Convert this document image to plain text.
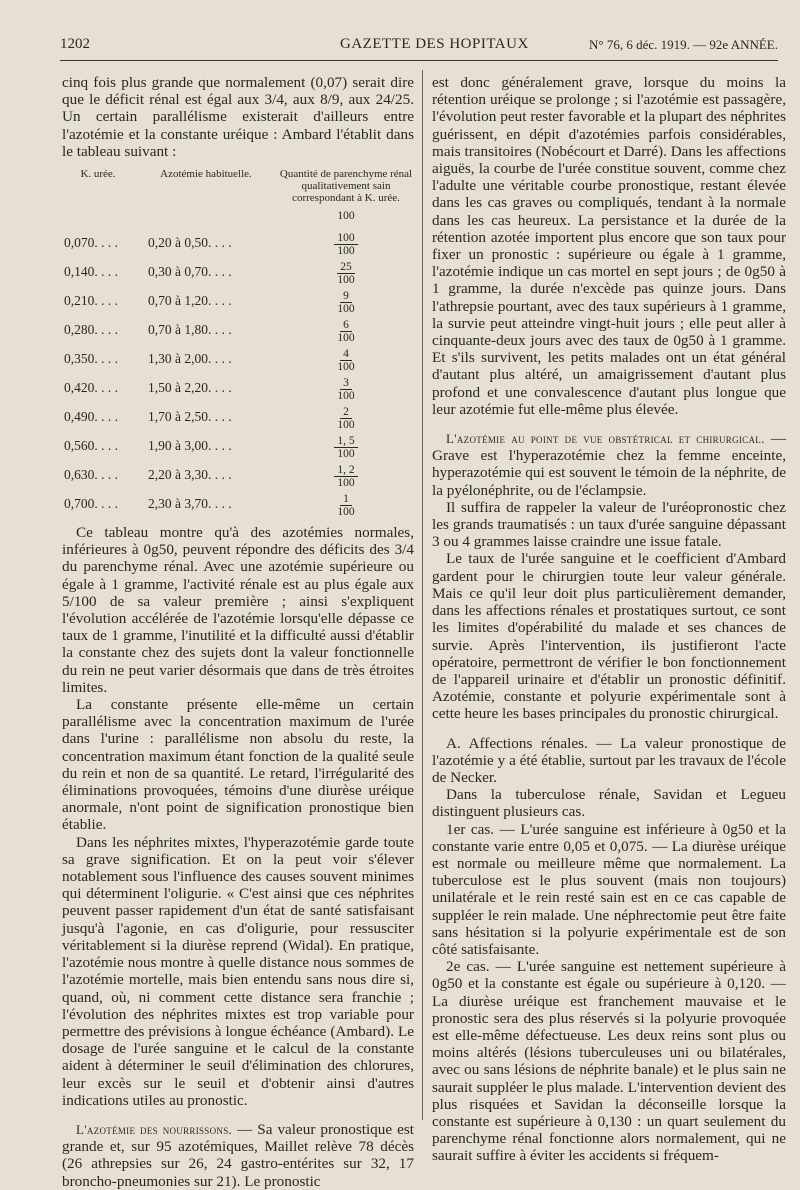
1202	GAZETTE DES HOPITAUX	N° 76, 6 déc. 1919. — 92e ANNÉE.

cinq fois plus grande que normalement (0,07) serait dire que le déficit rénal est égal aux 3/4, aux 8/9, aux 24/25. Un certain parallélisme existerait d'ailleurs entre l'azotémie et la constante uréique : Ambard l'établit dans le tableau suivant :

K. urée.	Azotémie habituelle.	Quantité de parenchyme rénal qualitativement sain correspondant à K. urée.
100

0,070. . . .	0,20 à 0,50. . . .	$\frac{100}{100}$

0,140. . . .	0,30 à 0,70. . . .	$\frac{25}{100}$

0,210. . . .	0,70 à 1,20. . . .	$\frac{9}{100}$

0,280. . . .	0,70 à 1,80. . . .	$\frac{6}{100}$

0,350. . . .	1,30 à 2,00. . . .	$\frac{4}{100}$

0,420. . . .	1,50 à 2,20. . . .	$\frac{3}{100}$

0,490. . . .	1,70 à 2,50. . . .	$\frac{2}{100}$

0,560. . . .	1,90 à 3,00. . . .	$\frac{1, 5}{100}$

0,630. . . .	2,20 à 3,30. . . .	$\frac{1, 2}{100}$

0,700. . . .	2,30 à 3,70. . . .	$\frac{1}{100}$

Ce tableau montre qu'à des azotémies normales, inférieures à 0g50, peuvent répondre des déficits des 3/4 du parenchyme rénal. Avec une azotémie supérieure ou égale à 1 gramme, l'activité rénale est au plus égale aux 5/100 de sa valeur première ; ainsi s'expliquent l'évolution accélérée de l'azotémie lorsqu'elle dépasse ce taux de 1 gramme, l'inutilité et la difficulté aussi d'établir la constante chez des sujets dont la valeur fonctionnelle du rein ne peut varier désormais que dans de très étroites limites.

La constante présente elle-même un certain parallélisme avec la concentration maximum de l'urée dans l'urine : parallélisme non absolu du reste, la concentration maximum étant fonction de la qualité seule du rein et non de sa quantité. Le retard, l'irrégularité des éliminations provoquées, témoins d'une diurèse uréique anormale, n'ont point de signification pronostique bien établie.

Dans les néphrites mixtes, l'hyperazotémie garde toute sa grave signification. Et on la peut voir s'élever notablement sous l'influence des causes souvent minimes qui déterminent l'oligurie. « C'est ainsi que ces néphrites peuvent passer rapidement d'un état de santé satisfaisant jusqu'à l'agonie, en cas d'oligurie, pour ressusciter véritablement si la diurèse reprend (Widal). En pratique, l'azotémie nous montre à quelle distance nous sommes de l'azotémie mortelle, mais bien entendu sans nous dire si, quand, où, ni comment cette distance sera franchie ; l'évolution des néphrites mixtes est trop variable pour permettre des prévisions à longue échéance (Ambard). Le dosage de l'urée sanguine et le calcul de la constante aident à déterminer le seuil d'élimination des chlorures, leur excès sur le seuil et d'obtenir ainsi d'autres indications utiles au pronostic.

L'azotémie des nourrissons. — Sa valeur pronostique est grande et, sur 95 azotémiques, Maillet relève 78 décès (26 athrepsies sur 26, 24 gastro-entérites sur 32, 17 broncho-pneumonies sur 21). Le pronostic

est donc généralement grave, lorsque du moins la rétention uréique se prolonge ; si l'azotémie est passagère, l'évolution peut rester favorable et la plupart des néphrites guérissent, en dépit d'azotémies parfois considérables, mais transitoires (Nobécourt et Darré). Dans les affections aiguës, la courbe de l'urée constitue souvent, comme chez l'adulte une véritable courbe pronostique, restant élevée dans les cas graves ou compliqués, tendant à la normale dans les cas heureux. La persistance et la durée de la rétention azotée importent plus encore que son taux pour fixer un pronostic : supérieure ou égale à 1 gramme, l'azotémie indique un cas mortel en sept jours ; de 0g50 à 1 gramme, la durée n'excède pas quinze jours. Dans l'athrepsie pourtant, avec des taux supérieurs à 1 gramme, la survie peut atteindre vingt-huit jours ; elle peut aller à cinquante-deux jours avec des taux de 0g50 à 1 gramme. Et s'ils survivent, les petits malades ont un état général d'autant plus altéré, un amaigrissement d'autant plus profond et une convalescence d'autant plus longue que leur azotémie fut elle-même plus élevée.

L'azotémie au point de vue obstétrical et chirurgical. — Grave est l'hyperazotémie chez la femme enceinte, hyperazotémie qui est souvent le témoin de la néphrite, de la pyélonéphrite, ou de l'éclampsie.

Il suffira de rappeler la valeur de l'uréopronostic chez les grands traumatisés : un taux d'urée sanguine dépassant 3 ou 4 grammes laisse craindre une issue fatale.

Le taux de l'urée sanguine et le coefficient d'Ambard gardent pour le chirurgien toute leur valeur générale. Mais ce qu'il leur doit plus particulièrement demander, dans les affections rénales et prostatiques surtout, ce sont les limites d'opérabilité du malade et ses chances de survie. Après l'intervention, ils justifieront l'acte opératoire, permettront de vérifier le bon fonctionnement de l'appareil urinaire et d'établir un pronostic définitif. Azotémie, constante et polyurie expérimentale sont à cette heure les bases principales du pronostic chirurgical.

A. Affections rénales. — La valeur pronostique de l'azotémie y a été établie, surtout par les travaux de l'école de Necker.

Dans la tuberculose rénale, Savidan et Legueu distinguent plusieurs cas.

1er cas. — L'urée sanguine est inférieure à 0g50 et la constante varie entre 0,05 et 0,075. — La diurèse uréique est normale ou meilleure même que normalement. La tuberculose est le plus souvent (mais non toujours) unilatérale et le rein resté sain est en ce cas capable de suppléer le rein malade. Une néphrectomie peut être faite sans hésitation si la polyurie expérimentale est de son côté satisfaisante.

2e cas. — L'urée sanguine est nettement supérieure à 0g50 et la constante est égale ou supérieure à 0,120. — La diurèse uréique est franchement mauvaise et le pronostic sera des plus réservés si la polyurie provoquée est elle-même défectueuse. Les deux reins sont plus ou moins altérés (lésions tuberculeuses uni ou bilatérales, avec ou sans lésions de néphrite banale) et le plus sain ne saurait suppléer le plus malade. L'intervention devient des plus risquées et Savidan la déconseille lorsque la constante est supérieure à 0,130 : un quart seulement du parenchyme rénal fonctionne alors normalement, qui ne saurait suffire à éviter les accidents si fréquem-
